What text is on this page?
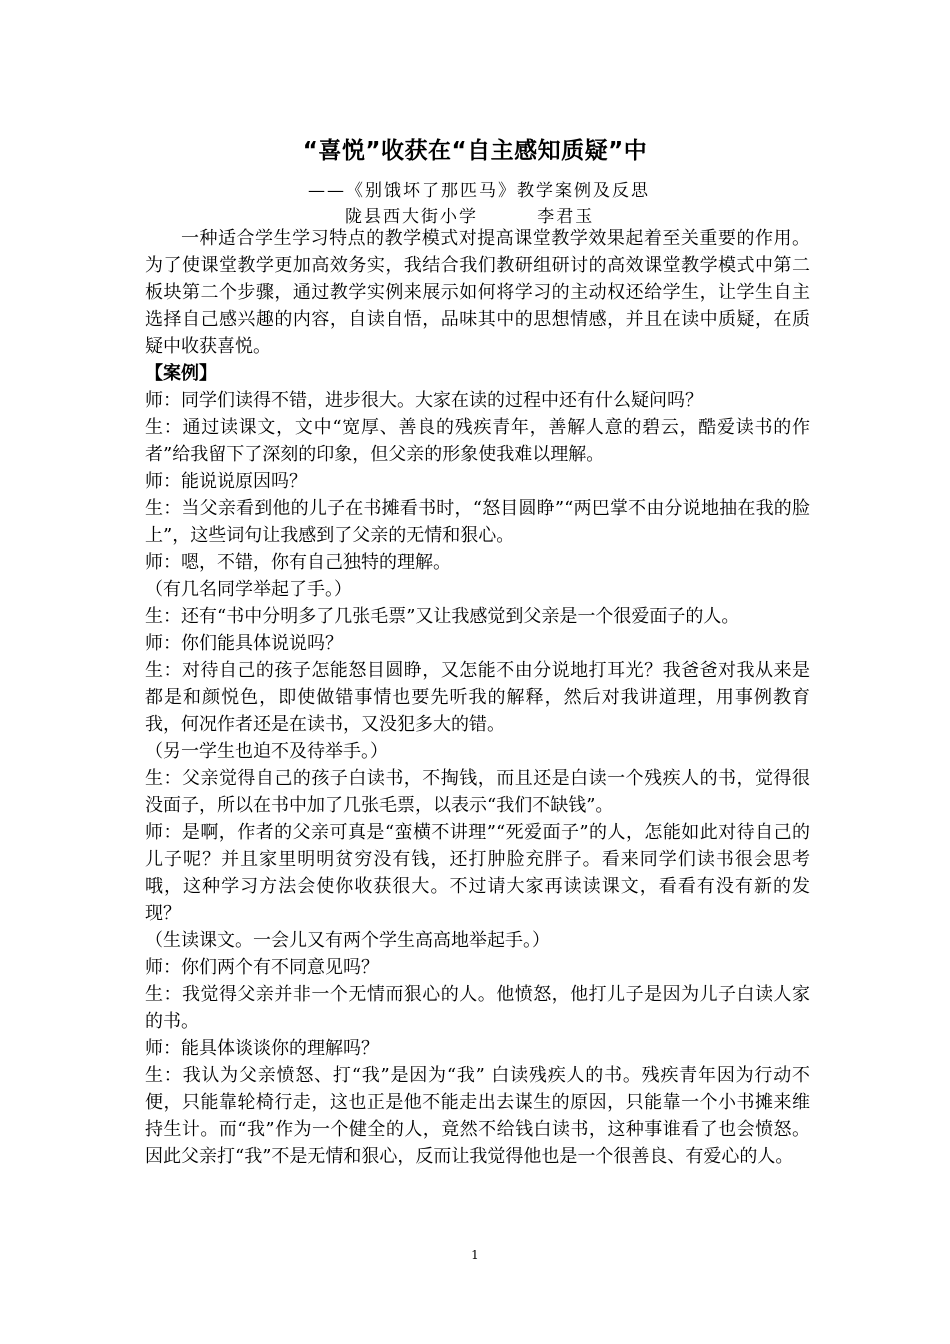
“喜悦”收获在“自主感知质疑”中
——《别饿坏了那匹马》教学案例及反思
陇县西大街小学        李君玉

一种适合学生学习特点的教学模式对提高课堂教学效果起着至关重要的作用。为了使课堂教学更加高效务实，我结合我们教研组研讨的高效课堂教学模式中第二板块第二个步骤，通过教学实例来展示如何将学习的主动权还给学生，让学生自主选择自己感兴趣的内容，自读自悟，品味其中的思想情感，并且在读中质疑，在质疑中收获喜悦。

【案例】

师：同学们读得不错，进步很大。大家在读的过程中还有什么疑问吗？

生：通过读课文，文中“宽厚、善良的残疾青年，善解人意的碧云，酷爱读书的作者”给我留下了深刻的印象，但父亲的形象使我难以理解。

师：能说说原因吗？

生：当父亲看到他的儿子在书摊看书时，“怒目圆睁”“两巴掌不由分说地抽在我的脸上”，这些词句让我感到了父亲的无情和狠心。

师：嗯，不错，你有自己独特的理解。

（有几名同学举起了手。）

生：还有“书中分明多了几张毛票”又让我感觉到父亲是一个很爱面子的人。

师：你们能具体说说吗？

生：对待自己的孩子怎能怒目圆睁，又怎能不由分说地打耳光？我爸爸对我从来是都是和颜悦色，即使做错事情也要先听我的解释，然后对我讲道理，用事例教育我，何况作者还是在读书，又没犯多大的错。

（另一学生也迫不及待举手。）

生：父亲觉得自己的孩子白读书，不掏钱，而且还是白读一个残疾人的书，觉得很没面子，所以在书中加了几张毛票，以表示“我们不缺钱”。

师：是啊，作者的父亲可真是“蛮横不讲理”“死爱面子”的人，怎能如此对待自己的儿子呢？并且家里明明贫穷没有钱，还打肿脸充胖子。看来同学们读书很会思考哦，这种学习方法会使你收获很大。不过请大家再读读课文，看看有没有新的发现？

（生读课文。一会儿又有两个学生高高地举起手。）

师：你们两个有不同意见吗？

生：我觉得父亲并非一个无情而狠心的人。他愤怒，他打儿子是因为儿子白读人家的书。

师：能具体谈谈你的理解吗？

生：我认为父亲愤怒、打“我”是因为“我” 白读残疾人的书。残疾青年因为行动不便，只能靠轮椅行走，这也正是他不能走出去谋生的原因，只能靠一个小书摊来维持生计。而“我”作为一个健全的人，竟然不给钱白读书，这种事谁看了也会愤怒。因此父亲打“我”不是无情和狠心，反而让我觉得他也是一个很善良、有爱心的人。

1
